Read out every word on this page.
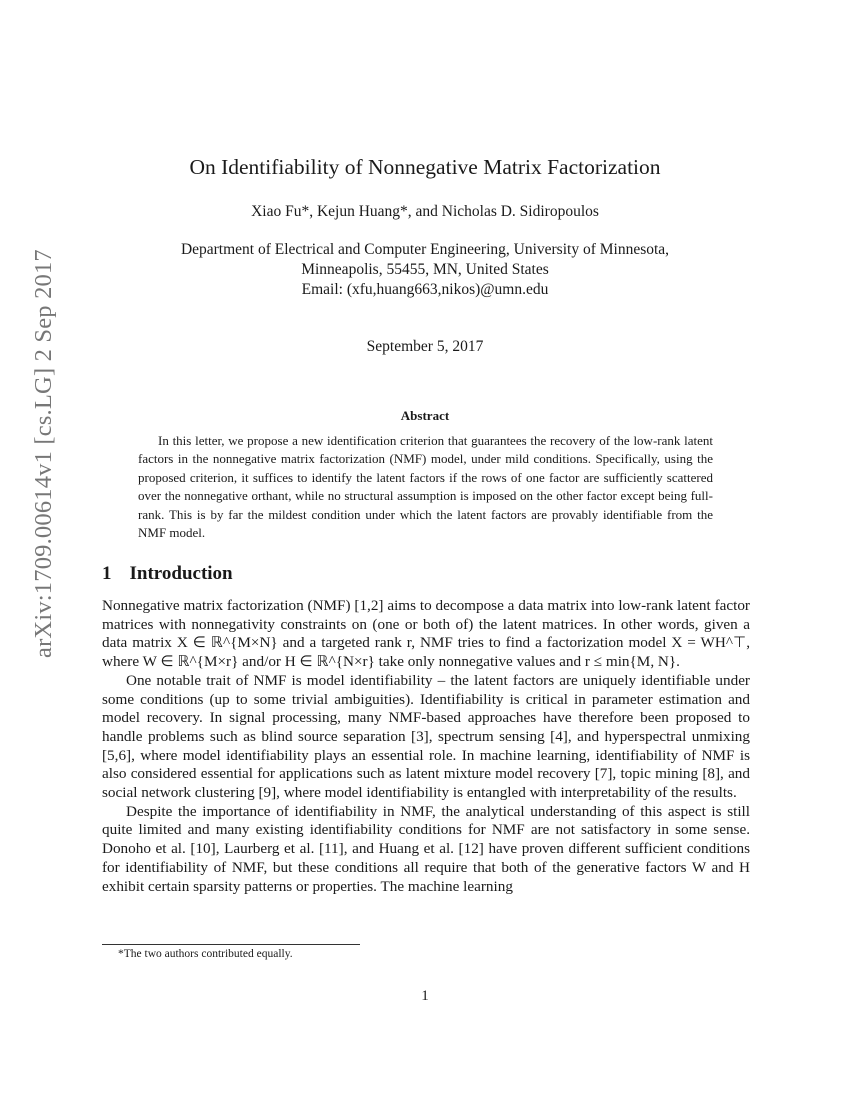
arXiv:1709.00614v1 [cs.LG] 2 Sep 2017
On Identifiability of Nonnegative Matrix Factorization
Xiao Fu*, Kejun Huang*, and Nicholas D. Sidiropoulos
Department of Electrical and Computer Engineering, University of Minnesota,
Minneapolis, 55455, MN, United States
Email: (xfu,huang663,nikos)@umn.edu
September 5, 2017
Abstract

In this letter, we propose a new identification criterion that guarantees the recovery of the low-rank latent factors in the nonnegative matrix factorization (NMF) model, under mild conditions. Specifically, using the proposed criterion, it suffices to identify the latent factors if the rows of one factor are sufficiently scattered over the nonnegative orthant, while no structural assumption is imposed on the other factor except being full-rank. This is by far the mildest condition under which the latent factors are provably identifiable from the NMF model.

1 Introduction

Nonnegative matrix factorization (NMF) [1,2] aims to decompose a data matrix into low-rank latent factor matrices with nonnegativity constraints on (one or both of) the latent matrices. In other words, given a data matrix X ∈ ℝ^{M×N} and a targeted rank r, NMF tries to find a factorization model X = WH^⊤, where W ∈ ℝ^{M×r} and/or H ∈ ℝ^{N×r} take only nonnegative values and r ≤ min{M, N}.

One notable trait of NMF is model identifiability – the latent factors are uniquely identifiable under some conditions (up to some trivial ambiguities). Identifiability is critical in parameter estimation and model recovery. In signal processing, many NMF-based approaches have therefore been proposed to handle problems such as blind source separation [3], spectrum sensing [4], and hyperspectral unmixing [5,6], where model identifiability plays an essential role. In machine learning, identifiability of NMF is also considered essential for applications such as latent mixture model recovery [7], topic mining [8], and social network clustering [9], where model identifiability is entangled with interpretability of the results.

Despite the importance of identifiability in NMF, the analytical understanding of this aspect is still quite limited and many existing identifiability conditions for NMF are not satisfactory in some sense. Donoho et al. [10], Laurberg et al. [11], and Huang et al. [12] have proven different sufficient conditions for identifiability of NMF, but these conditions all require that both of the generative factors W and H exhibit certain sparsity patterns or properties. The machine learning

*The two authors contributed equally.
1
